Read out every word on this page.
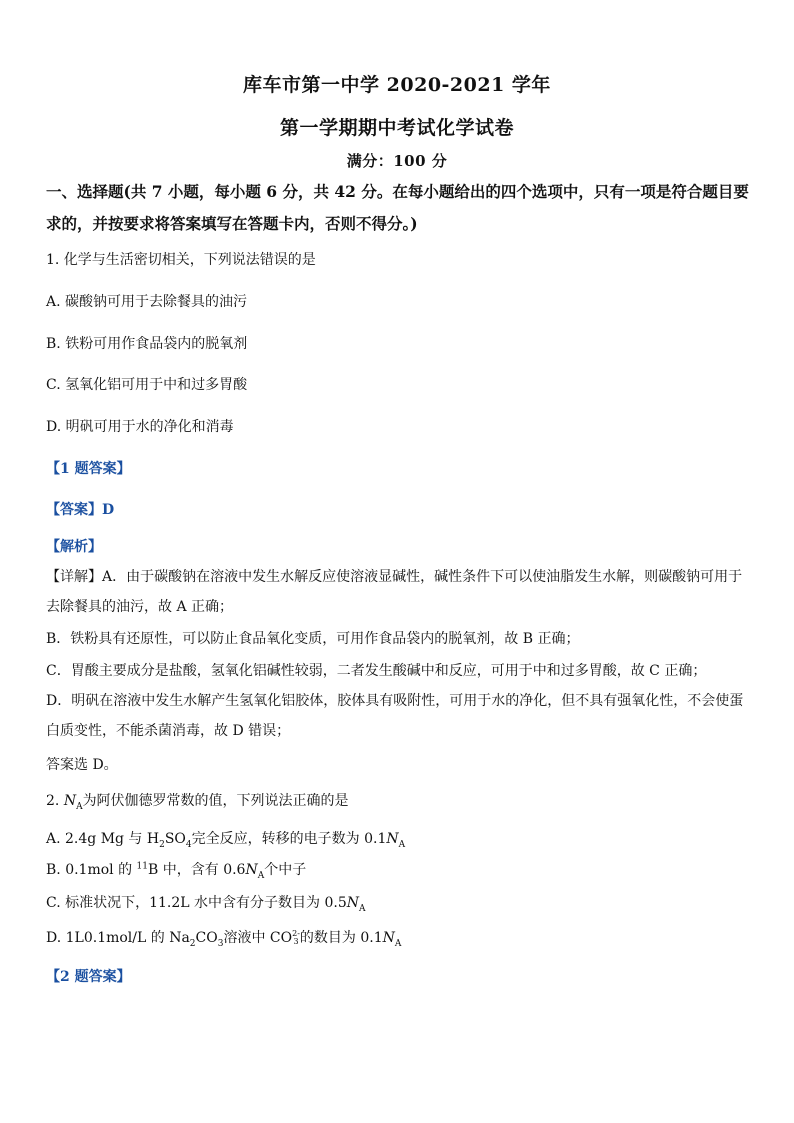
库车市第一中学 2020-2021 学年
第一学期期中考试化学试卷
满分：100 分
一、选择题(共 7 小题，每小题 6 分，共 42 分。在每小题给出的四个选项中，只有一项是符合题目要求的，并按要求将答案填写在答题卡内，否则不得分。)
1. 化学与生活密切相关，下列说法错误的是
A. 碳酸钠可用于去除餐具的油污
B. 铁粉可用作食品袋内的脱氧剂
C. 氢氧化铝可用于中和过多胃酸
D. 明矾可用于水的净化和消毒
【1 题答案】
【答案】D
【解析】
【详解】A．由于碳酸钠在溶液中发生水解反应使溶液显碱性，碱性条件下可以使油脂发生水解，则碳酸钠可用于去除餐具的油污，故 A 正确；
B．铁粉具有还原性，可以防止食品氧化变质，可用作食品袋内的脱氧剂，故 B 正确；
C．胃酸主要成分是盐酸，氢氧化铝碱性较弱，二者发生酸碱中和反应，可用于中和过多胃酸，故 C 正确；
D．明矾在溶液中发生水解产生氢氧化铝胶体，胶体具有吸附性，可用于水的净化，但不具有强氧化性，不会使蛋白质变性，不能杀菌消毒，故 D 错误；
答案选 D。
2. $N_A$为阿伏伽德罗常数的值，下列说法正确的是
A. 2.4g Mg 与 $H_2SO_4$完全反应，转移的电子数为 $0.1N_A$
B. 0.1mol 的 $^{11}$B 中，含有 $0.6N_A$个中子
C. 标准状况下，11.2L 水中含有分子数目为 $0.5N_A$
D. 1L0.1mol/L 的 $Na_2CO_3$溶液中 CO 2-
3 的数目为 $0.1N_A$
【2 题答案】
